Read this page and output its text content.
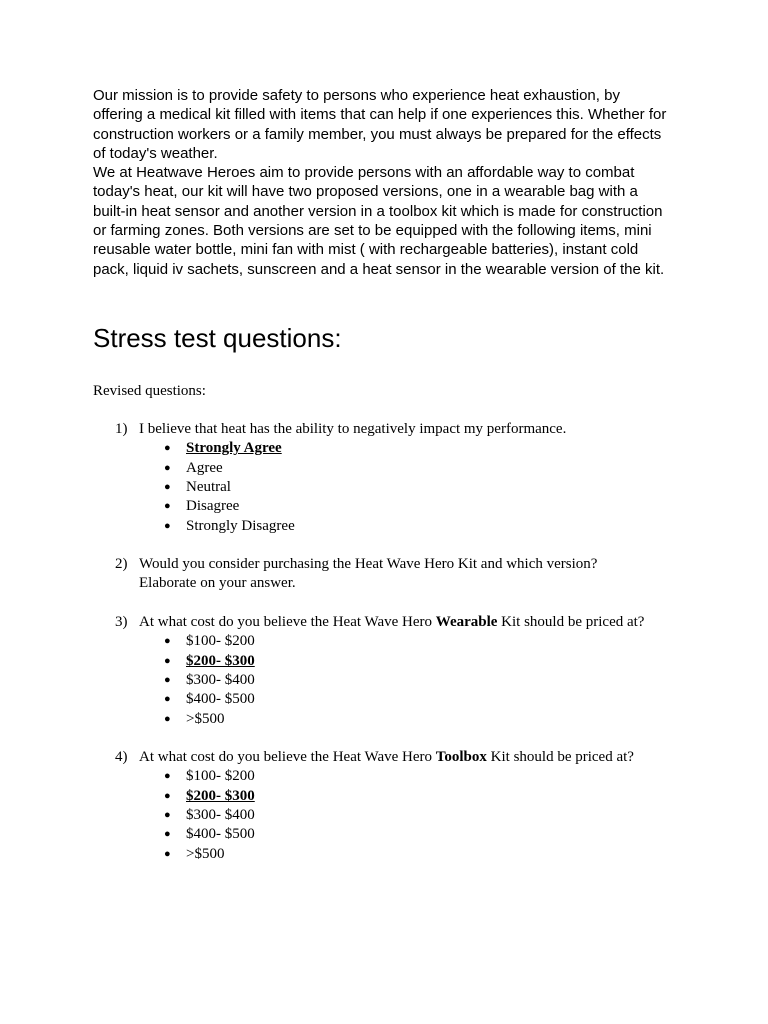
Our mission is to provide safety to persons who experience heat exhaustion, by offering a medical kit filled with items that can help if one experiences this. Whether for construction workers or a family member, you must always be prepared for the effects of today's weather.

We at Heatwave Heroes aim to provide persons with an affordable way to combat today's heat, our kit will have two proposed versions, one in a wearable bag with a built-in heat sensor and another version in a toolbox kit which is made for construction or farming zones. Both versions are set to be equipped with the following items, mini reusable water bottle, mini fan with mist ( with rechargeable batteries), instant cold pack, liquid iv sachets, sunscreen and a heat sensor in the wearable version of the kit.

Stress test questions:
Revised questions:
1) I believe that heat has the ability to negatively impact my performance.
● Strongly Agree
● Agree
● Neutral
● Disagree
● Strongly Disagree
2) Would you consider purchasing the Heat Wave Hero Kit and which version?
Elaborate on your answer.
3) At what cost do you believe the Heat Wave Hero Wearable Kit should be priced at?
● $100- $200
● $200- $300
● $300- $400
● $400- $500
● >$500
4) At what cost do you believe the Heat Wave Hero Toolbox Kit should be priced at?
● $100- $200
● $200- $300
● $300- $400
● $400- $500
● >$500
